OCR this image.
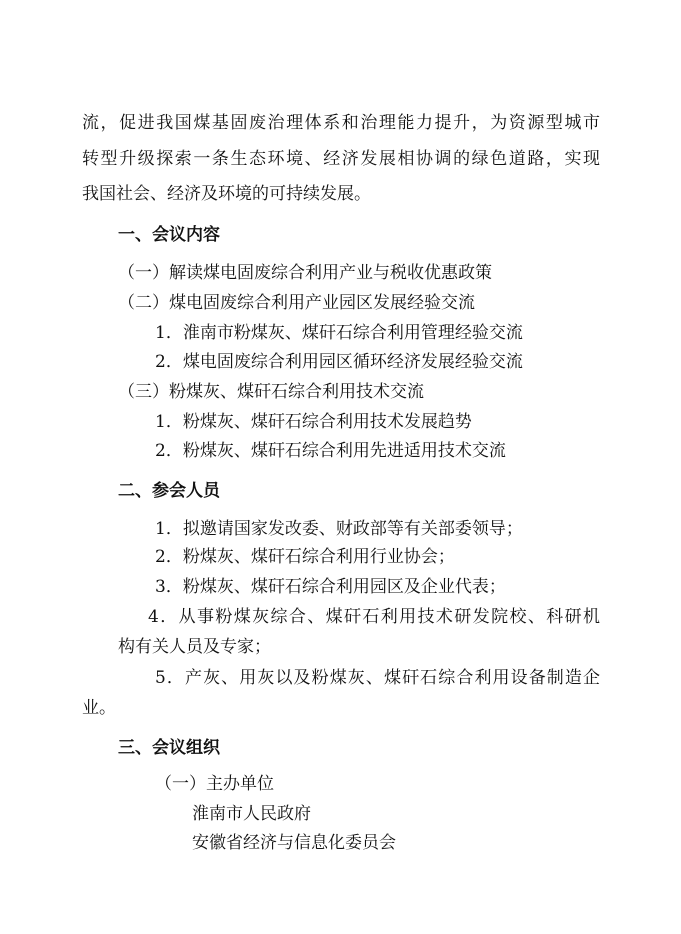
流，促进我国煤基固废治理体系和治理能力提升，为资源型城市

转型升级探索一条生态环境、经济发展相协调的绿色道路，实现

我国社会、经济及环境的可持续发展。

一、会议内容

（一）解读煤电固废综合利用产业与税收优惠政策

（二）煤电固废综合利用产业园区发展经验交流

1．淮南市粉煤灰、煤矸石综合利用管理经验交流

2．煤电固废综合利用园区循环经济发展经验交流

（三）粉煤灰、煤矸石综合利用技术交流

1．粉煤灰、煤矸石综合利用技术发展趋势

2．粉煤灰、煤矸石综合利用先进适用技术交流

二、参会人员

1．拟邀请国家发改委、财政部等有关部委领导；

2．粉煤灰、煤矸石综合利用行业协会；

3．粉煤灰、煤矸石综合利用园区及企业代表；

4．从事粉煤灰综合、煤矸石利用技术研发院校、科研机

构有关人员及专家；

5．产灰、用灰以及粉煤灰、煤矸石综合利用设备制造企

业。

三、会议组织

（一）主办单位

淮南市人民政府

安徽省经济与信息化委员会
